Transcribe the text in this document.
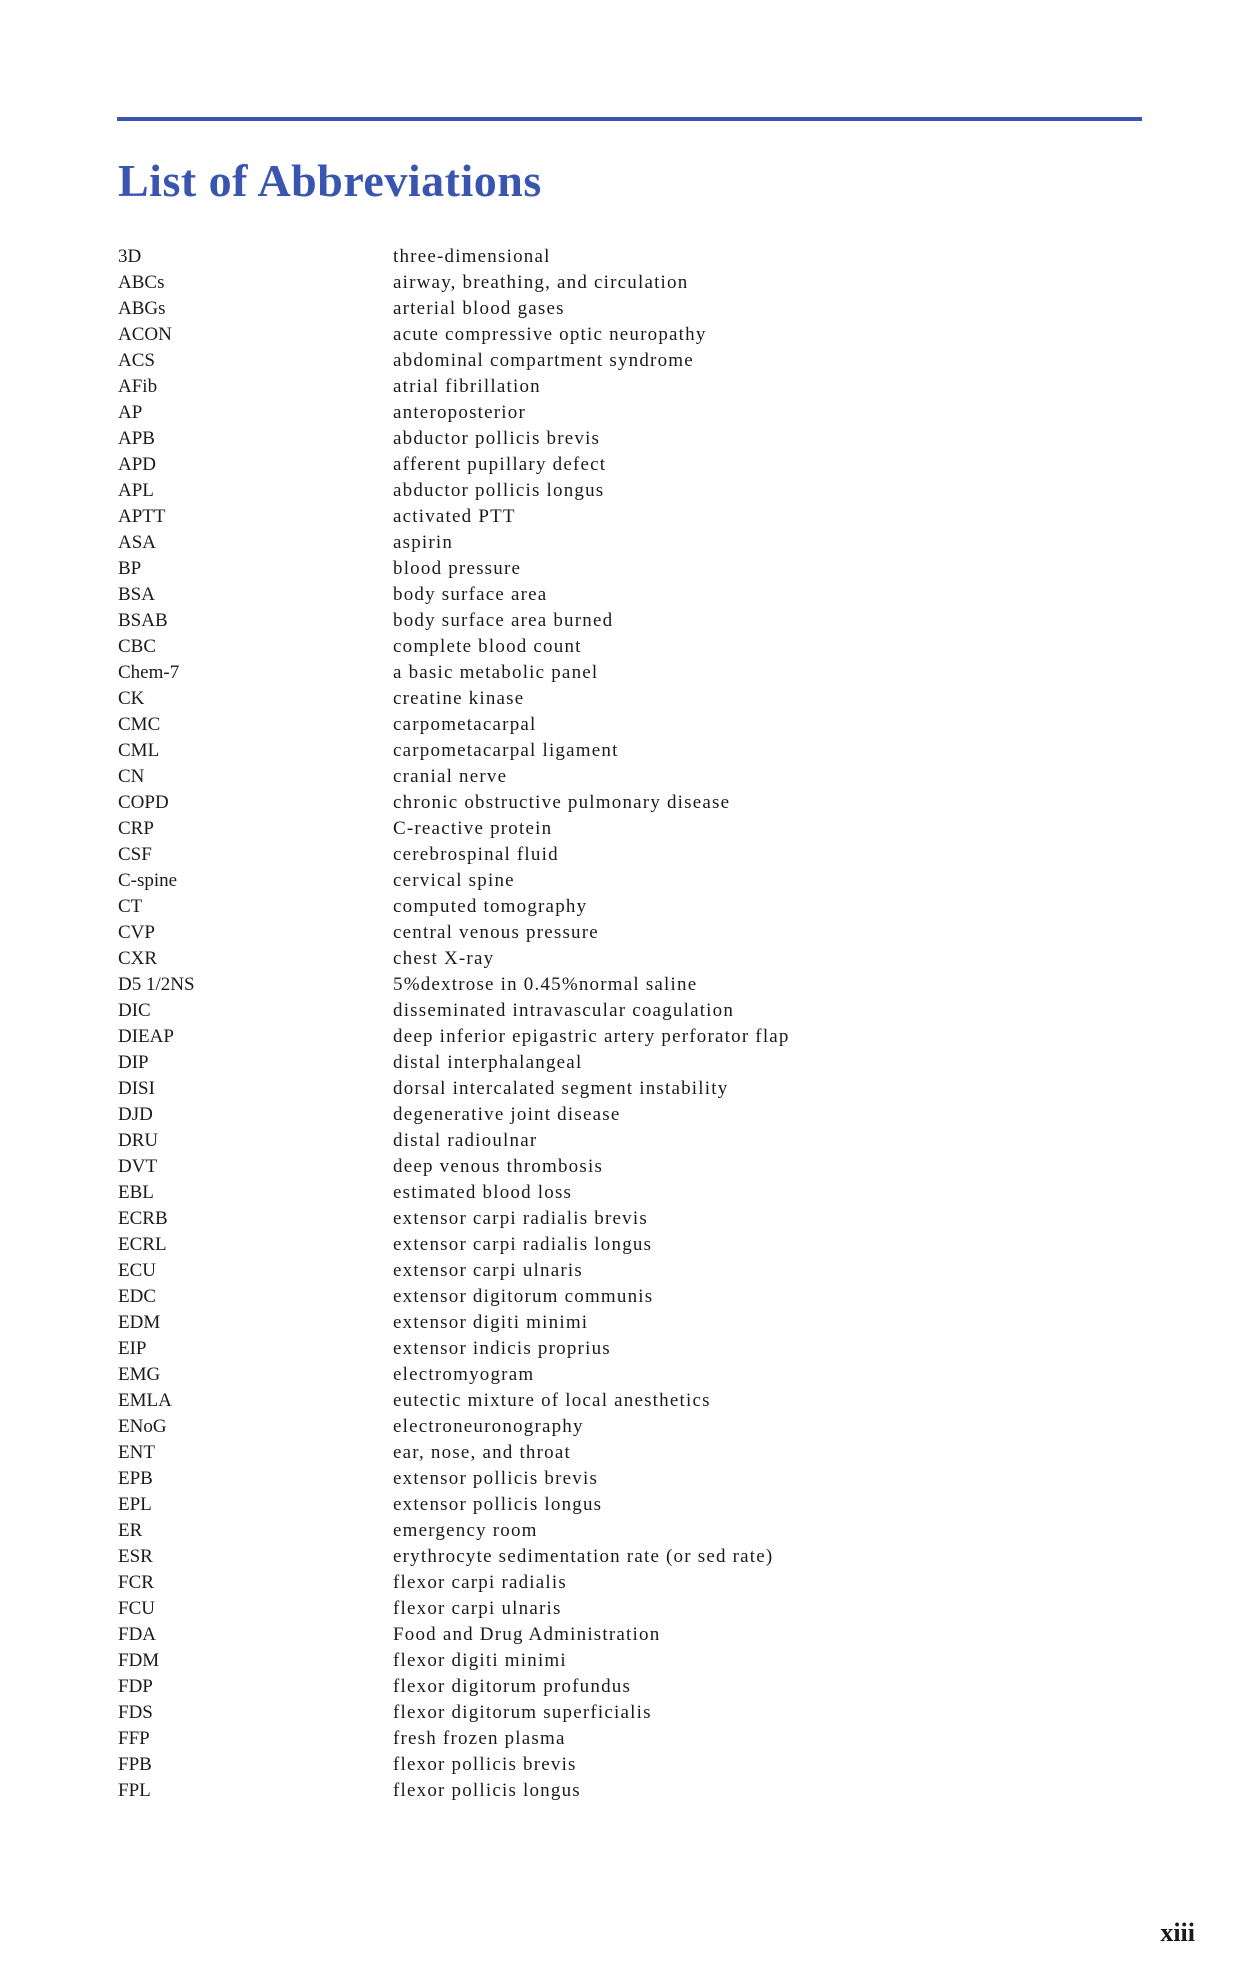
List of Abbreviations
3D	three-dimensional
ABCs	airway, breathing, and circulation
ABGs	arterial blood gases
ACON	acute compressive optic neuropathy
ACS	abdominal compartment syndrome
AFib	atrial fibrillation
AP	anteroposterior
APB	abductor pollicis brevis
APD	afferent pupillary defect
APL	abductor pollicis longus
APTT	activated PTT
ASA	aspirin
BP	blood pressure
BSA	body surface area
BSAB	body surface area burned
CBC	complete blood count
Chem-7	a basic metabolic panel
CK	creatine kinase
CMC	carpometacarpal
CML	carpometacarpal ligament
CN	cranial nerve
COPD	chronic obstructive pulmonary disease
CRP	C-reactive protein
CSF	cerebrospinal fluid
C-spine	cervical spine
CT	computed tomography
CVP	central venous pressure
CXR	chest X-ray
D5 1/2NS	5%dextrose in 0.45%normal saline
DIC	disseminated intravascular coagulation
DIEAP	deep inferior epigastric artery perforator flap
DIP	distal interphalangeal
DISI	dorsal intercalated segment instability
DJD	degenerative joint disease
DRU	distal radioulnar
DVT	deep venous thrombosis
EBL	estimated blood loss
ECRB	extensor carpi radialis brevis
ECRL	extensor carpi radialis longus
ECU	extensor carpi ulnaris
EDC	extensor digitorum communis
EDM	extensor digiti minimi
EIP	extensor indicis proprius
EMG	electromyogram
EMLA	eutectic mixture of local anesthetics
ENoG	electroneuronography
ENT	ear, nose, and throat
EPB	extensor pollicis brevis
EPL	extensor pollicis longus
ER	emergency room
ESR	erythrocyte sedimentation rate (or sed rate)
FCR	flexor carpi radialis
FCU	flexor carpi ulnaris
FDA	Food and Drug Administration
FDM	flexor digiti minimi
FDP	flexor digitorum profundus
FDS	flexor digitorum superficialis
FFP	fresh frozen plasma
FPB	flexor pollicis brevis
FPL	flexor pollicis longus
xiii
